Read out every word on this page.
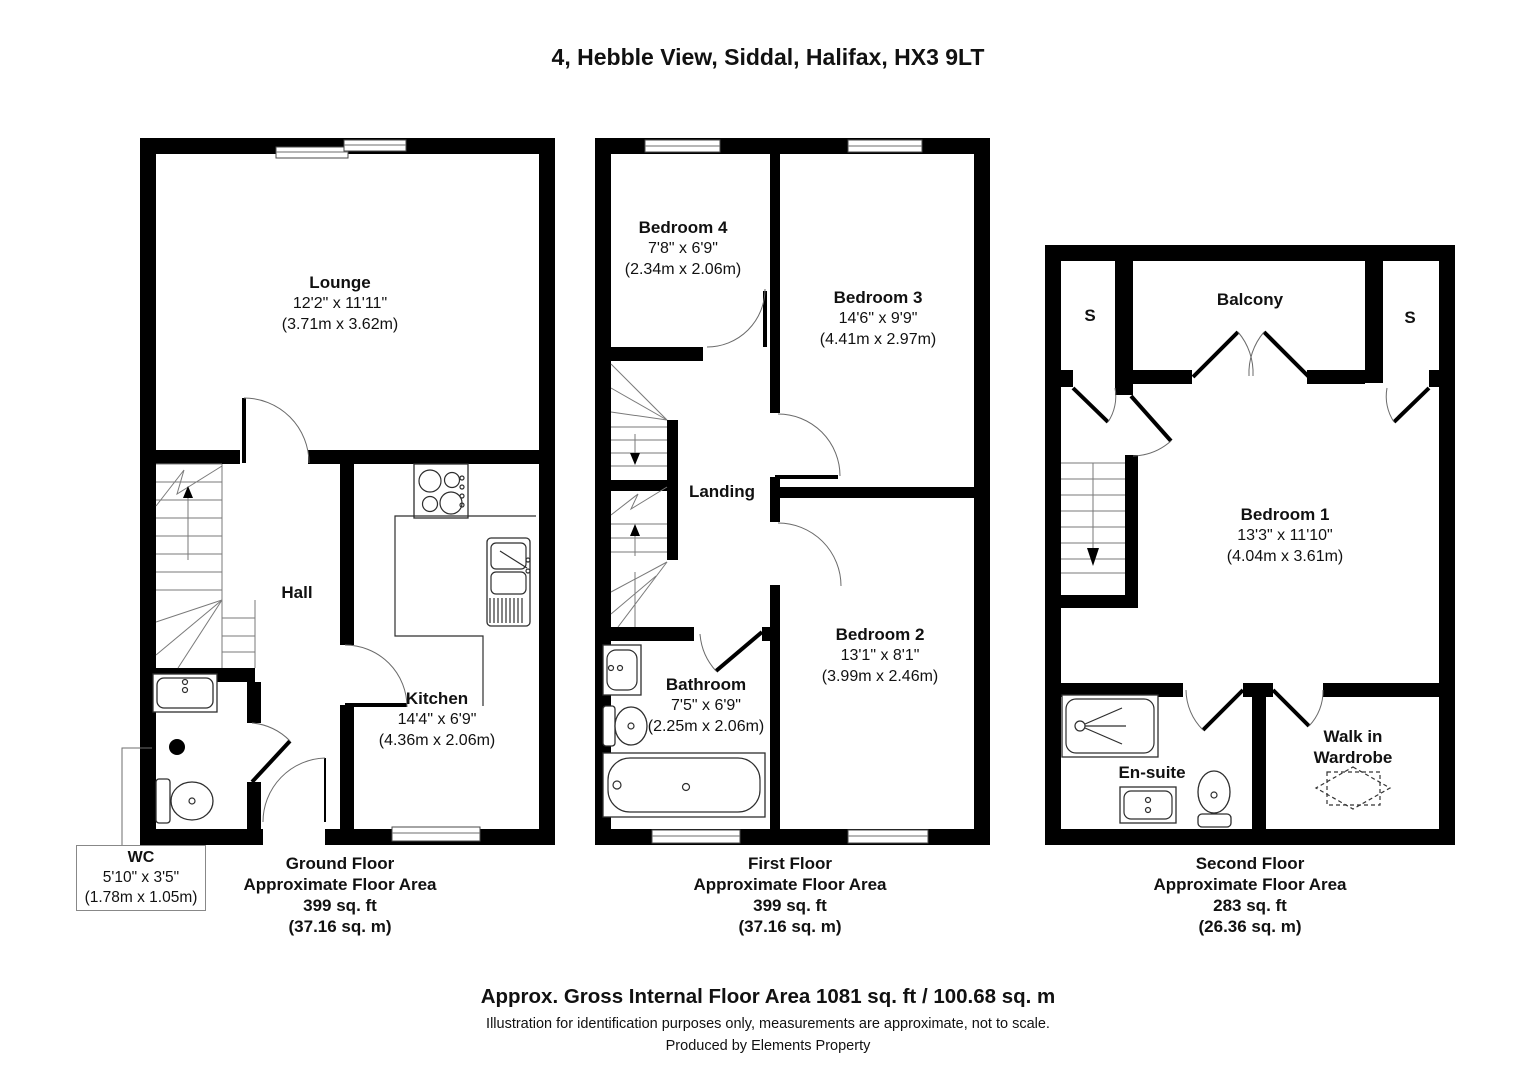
4, Hebble View, Siddal, Halifax, HX3 9LT
Lounge
12'2" x 11'11"
(3.71m x 3.62m)
Hall
Kitchen
14'4" x 6'9"
(4.36m x 2.06m)
Bedroom 4
7'8" x 6'9"
(2.34m x 2.06m)
Bedroom 3
14'6" x 9'9"
(4.41m x 2.97m)
Landing
Bathroom
7'5" x 6'9"
(2.25m x 2.06m)
Bedroom 2
13'1" x 8'1"
(3.99m x 2.46m)
Balcony
S	S
Bedroom 1
13'3" x 11'10"
(4.04m x 3.61m)
En-suite
Walk in Wardrobe
WC
5'10" x 3'5"
(1.78m x 1.05m)
Ground Floor
Approximate Floor Area
399 sq. ft
(37.16 sq. m)
First Floor
Approximate Floor Area
399 sq. ft
(37.16 sq. m)
Second Floor
Approximate Floor Area
283 sq. ft
(26.36 sq. m)
Approx. Gross Internal Floor Area 1081 sq. ft / 100.68 sq. m
Illustration for identification purposes only, measurements are approximate, not to scale.
Produced by Elements Property
